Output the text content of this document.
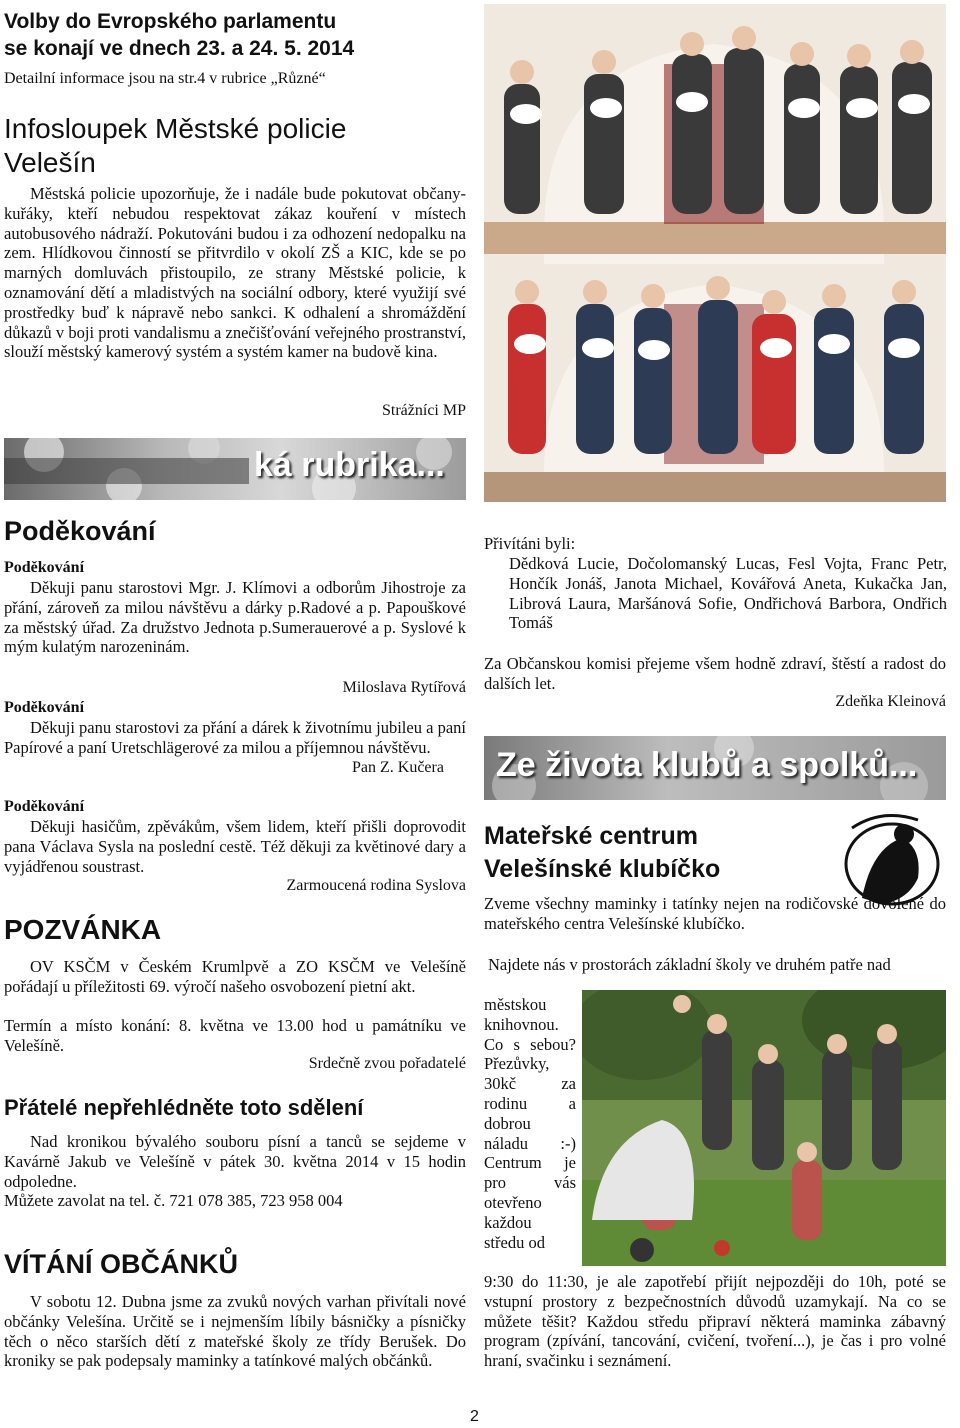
Volby do Evropského parlamentu
se konají ve dnech 23. a 24. 5. 2014
Detailní informace jsou na str.4 v rubrice „Různé“
Infosloupek Městské policie
Velešín

Městská policie upozorňuje, že i nadále bude pokutovat občany-kuřáky, kteří nebudou respektovat zákaz kouření v místech autobusového nádraží. Pokutováni budou i za odhození nedopalku na zem. Hlídkovou činností se přitvrdilo v okolí ZŠ a KIC, kde se po marných domluvách přistoupilo, ze strany Městské policie, k oznamování dětí a mladistvých na sociální odbory, které využijí své prostředky buď k nápravě nebo sankci. K odhalení a shromáždění důkazů v boji proti vandalismu a znečišťování veřejného prostranství, slouží městský kamerový systém a systém kamer na budově kina.

Strážníci MP
ká rubrika...
Poděkování
Poděkování

Děkuji panu starostovi Mgr. J. Klímovi a odborům Jihostroje za přání, zároveň za milou návštěvu a dárky p.Radové a p. Papouškové za městský úřad. Za družstvo Jednota p.Sumerauerové a p. Syslové k mým kulatým narozeninám.

Miloslava Rytířová
Poděkování

Děkuji panu starostovi za přání a dárek k životnímu jubileu a paní Papírové a paní Uretschlägerové za milou a příjemnou návštěvu.

Pan Z. Kučera
Poděkování

Děkuji hasičům, zpěvákům, všem lidem, kteří přišli doprovodit pana Václava Sysla na poslední cestě. Též děkuji za květinové dary a vyjádřenou soustrast.

Zarmoucená rodina Syslova
POZVÁNKA

OV KSČM v Českém Krumlpvě a ZO KSČM ve Velešíně pořádají u příležitosti 69. výročí našeho osvobození pietní akt.

Termín a místo konání: 8. května ve 13.00 hod u památníku ve Velešíně.

Srdečně zvou pořadatelé
Přátelé nepřehlédněte toto sdělení

Nad kronikou bývalého souboru písní a tanců se sejdeme v Kavárně Jakub ve Velešíně v pátek 30. května 2014 v 15 hodin odpoledne.

Můžete zavolat na tel. č. 721 078 385, 723 958 004

VÍTÁNÍ OBČÁNKŮ

V sobotu 12. Dubna jsme za zvuků nových varhan přivítali nové občánky Velešína. Určitě se i nejmenším líbily básničky a písničky těch o něco starších dětí z mateřské školy ze třídy Berušek. Do kroniky se pak podepsaly maminky a tatínkové malých občánků.

Přivítáni byli:

Dědková Lucie, Dočolomanský Lucas, Fesl Vojta, Franc Petr, Hončík Jonáš, Janota Michael, Kovářová Aneta, Kukačka Jan, Librová Laura, Maršánová Sofie, Ondřichová Barbora, Ondřich Tomáš

Za Občanskou komisi přejeme všem hodně zdraví, štěstí a radost do dalších let.

Zdeňka Kleinová
Ze života klubů a spolků...
Mateřské centrum
Velešínské klubíčko

Zveme všechny maminky i tatínky nejen na rodičovské dovolené do mateřského centra Velešínské klubíčko.

Najdete nás v prostorách základní školy ve druhém patře nad

městskou knihovnou. Co s sebou? Přezůvky, 30kč za rodinu a dobrou náladu :-) Centrum je pro vás otevřeno každou středu od

9:30 do 11:30, je ale zapotřebí přijít nejpozději do 10h, poté se vstupní prostory z bezpečnostních důvodů uzamykají. Na co se můžete těšit? Každou středu připraví některá maminka zábavný program (zpívání, tancování, cvičení, tvoření...), je čas i pro volné hraní, svačinku i seznámení.

2
